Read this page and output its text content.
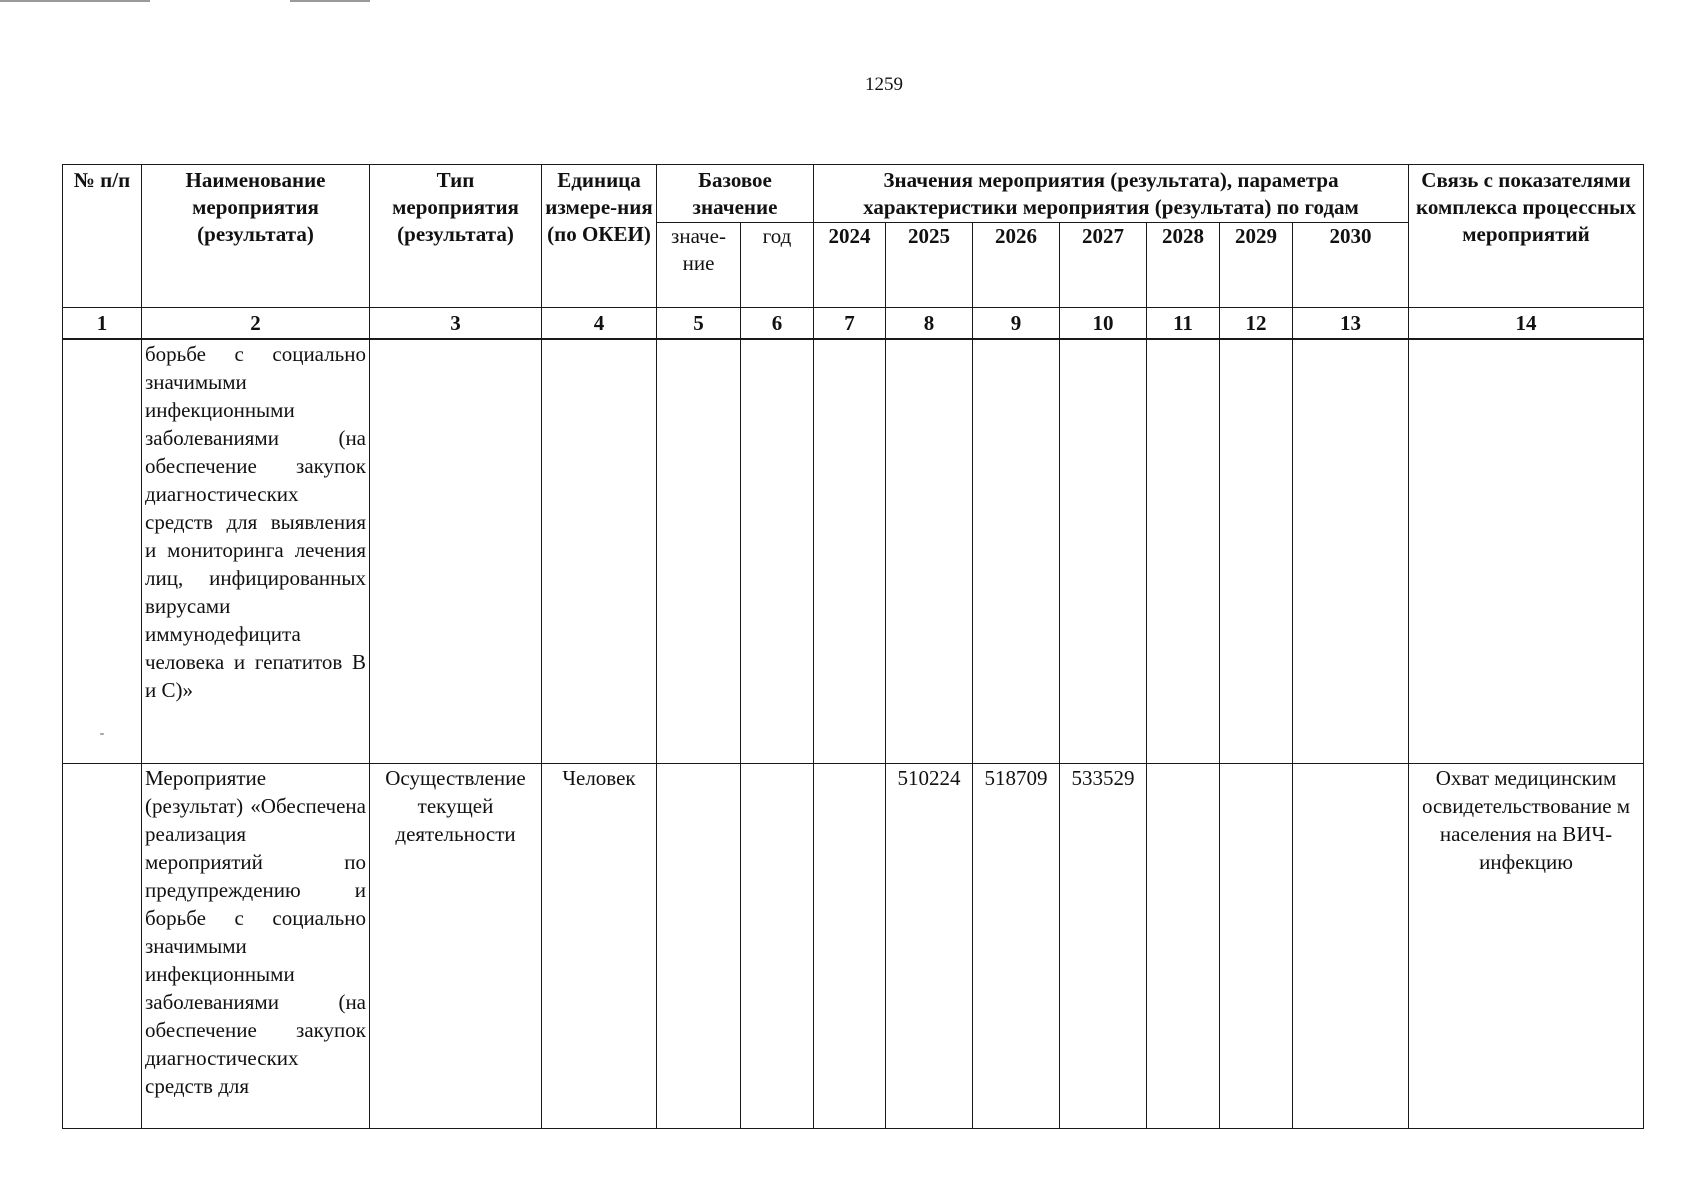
1259
№ п/п	Наименование мероприятия (результата)	Тип мероприятия (результата)	Единица измере-ния (по ОКЕИ)	Базовое значение		Значения мероприятия (результата), параметра характеристики мероприятия (результата) по годам							Связь с показателями комплекса процессных мероприятий
				значе-ние	год	2024	2025	2026	2027	2028	2029	2030	
1	2	3	4	5	6	7	8	9	10	11	12	13	14

-	борьбе с социально значимыми инфекционными заболеваниями (на обеспечение закупок диагностических средств для выявления и мониторинга лечения лиц, инфицированных вирусами иммунодефицита человека и гепатитов В и С)»												
	Мероприятие (результат) «Обеспечена реализация мероприятий по предупреждению и борьбе с социально значимыми инфекционными заболеваниями (на обеспечение закупок диагностических средств для	Осуществление текущей деятельности	Человек				510224	518709	533529				Охват медицинским освидетельствование м населения на ВИЧ-инфекцию
